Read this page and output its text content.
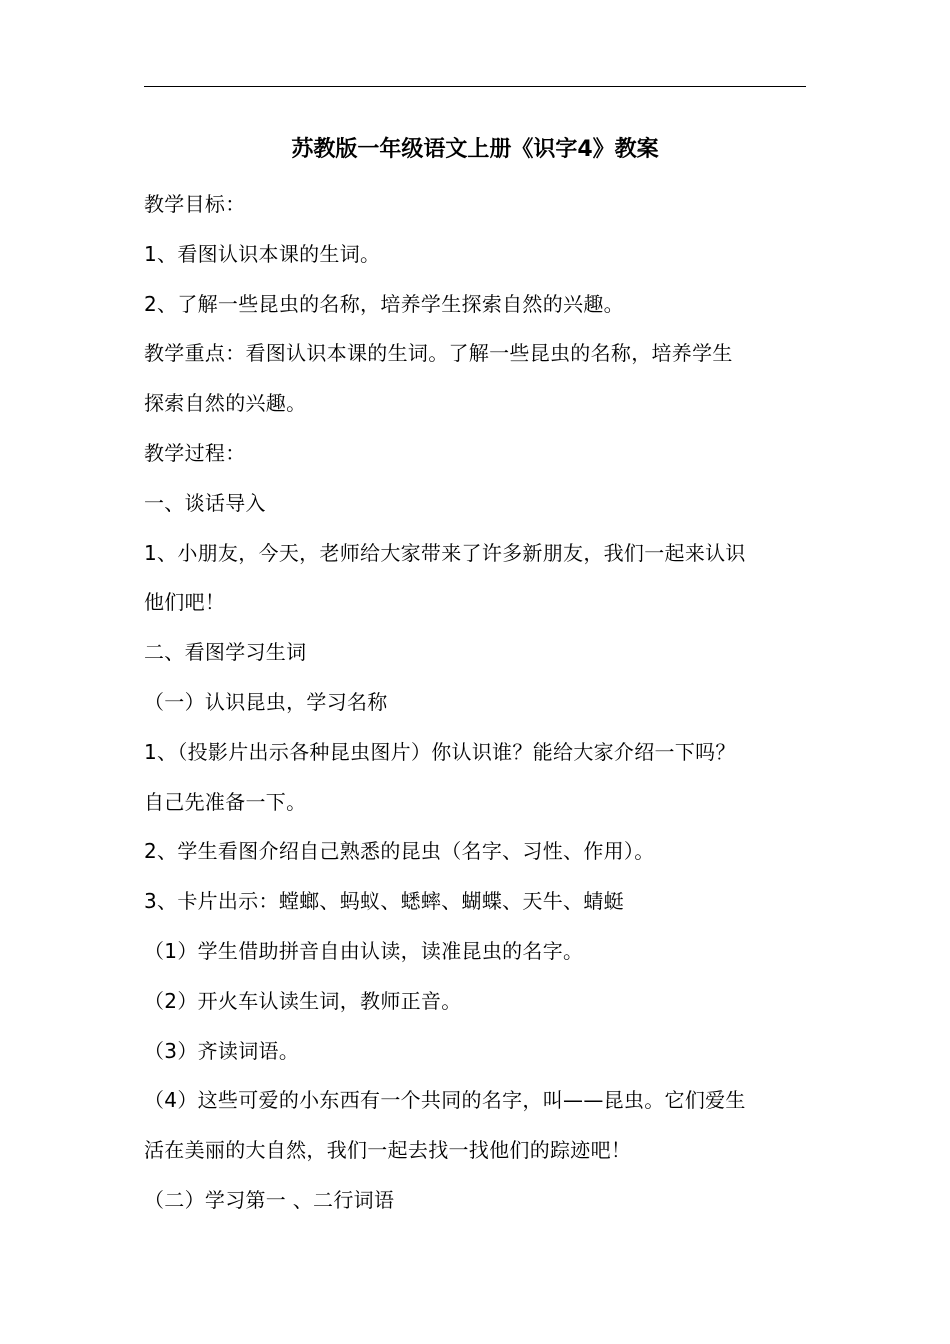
苏教版一年级语文上册《识字4》教案

教学目标：

1、看图认识本课的生词。

2、了解一些昆虫的名称，培养学生探索自然的兴趣。

教学重点：看图认识本课的生词。了解一些昆虫的名称，培养学生

探索自然的兴趣。

教学过程：

一、谈话导入

1、小朋友，今天，老师给大家带来了许多新朋友，我们一起来认识

他们吧！

二、看图学习生词

（一）认识昆虫，学习名称

1、（投影片出示各种昆虫图片）你认识谁？能给大家介绍一下吗？

自己先准备一下。

2、学生看图介绍自己熟悉的昆虫（名字、习性、作用）。

3、卡片出示：螳螂、蚂蚁、蟋蟀、蝴蝶、天牛、蜻蜓

（1）学生借助拼音自由认读，读准昆虫的名字。

（2）开火车认读生词，教师正音。

（3）齐读词语。

（4）这些可爱的小东西有一个共同的名字，叫——昆虫。它们爱生

活在美丽的大自然，我们一起去找一找他们的踪迹吧！

（二）学习第一 、二行词语
